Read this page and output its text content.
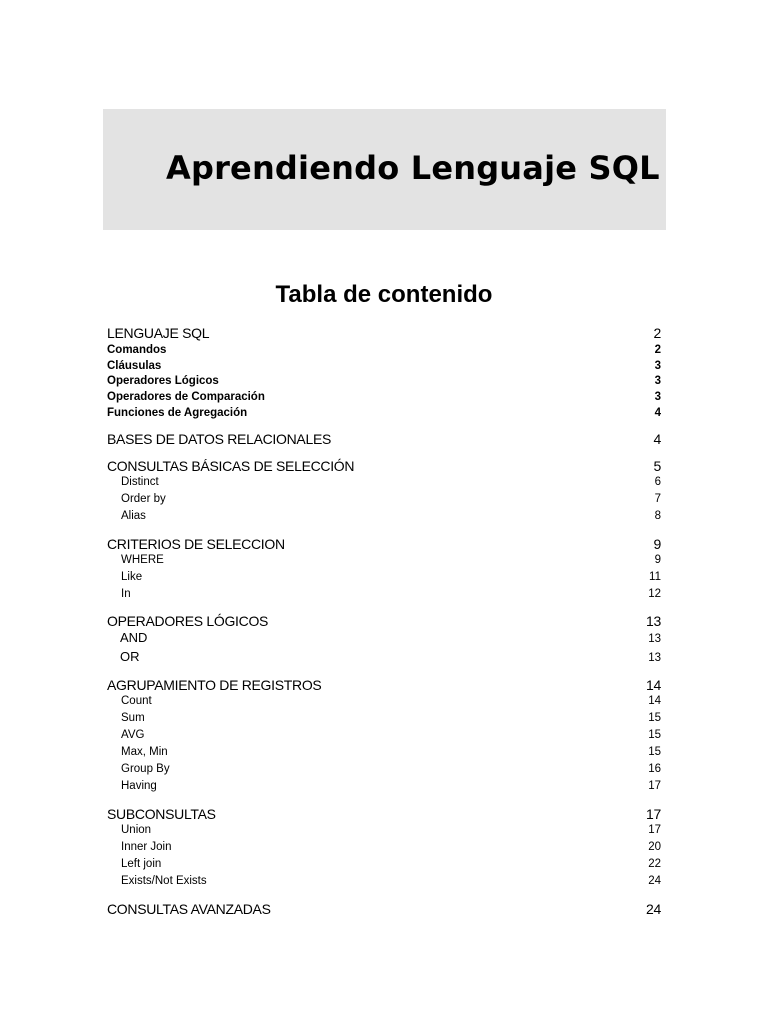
Aprendiendo Lenguaje SQL
Tabla de contenido
LENGUAJE SQL	2
Comandos	2
Cláusulas	3
Operadores Lógicos	3
Operadores de Comparación	3
Funciones de Agregación	4
BASES DE DATOS RELACIONALES	4
CONSULTAS BÁSICAS DE SELECCIÓN	5
Distinct	6
Order by	7
Alias	8
CRITERIOS DE SELECCION	9
WHERE	9
Like	11
In	12
OPERADORES LÓGICOS	13
AND	13
OR	13
AGRUPAMIENTO DE REGISTROS	14
Count	14
Sum	15
AVG	15
Max, Min	15
Group By	16
Having	17
SUBCONSULTAS	17
Union	17
Inner Join	20
Left join	22
Exists/Not Exists	24
CONSULTAS AVANZADAS	24
